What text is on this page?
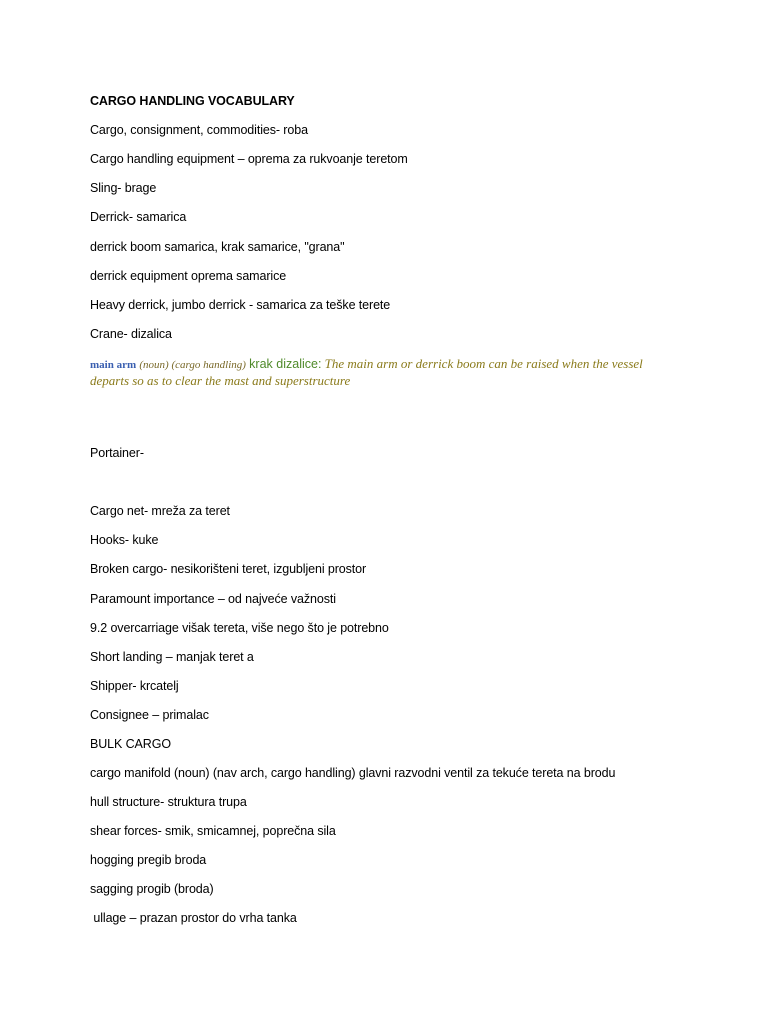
CARGO HANDLING VOCABULARY
Cargo, consignment, commodities- roba
Cargo handling equipment – oprema za rukvoanje teretom
Sling- brage
Derrick- samarica
derrick boom samarica, krak samarice, "grana"
derrick equipment oprema samarice
Heavy derrick, jumbo derrick - samarica za teške terete
Crane- dizalica
main arm (noun) (cargo handling) krak dizalice: The main arm or derrick boom can be raised when the vessel
departs so as to clear the mast and superstructure
Portainer-
Cargo net- mreža za teret
Hooks- kuke
Broken cargo- nesikorišteni teret, izgubljeni prostor
Paramount importance – od najveće važnosti
9.2 overcarriage višak tereta, više nego što je potrebno
Short landing – manjak teret a
Shipper- krcatelj
Consignee – primalac
BULK CARGO
cargo manifold (noun) (nav arch, cargo handling) glavni razvodni ventil za tekuće tereta na brodu
hull structure- struktura trupa
shear forces- smik, smicamnej, poprečna sila
hogging pregib broda
sagging progib (broda)
ullage – prazan prostor do vrha tanka
